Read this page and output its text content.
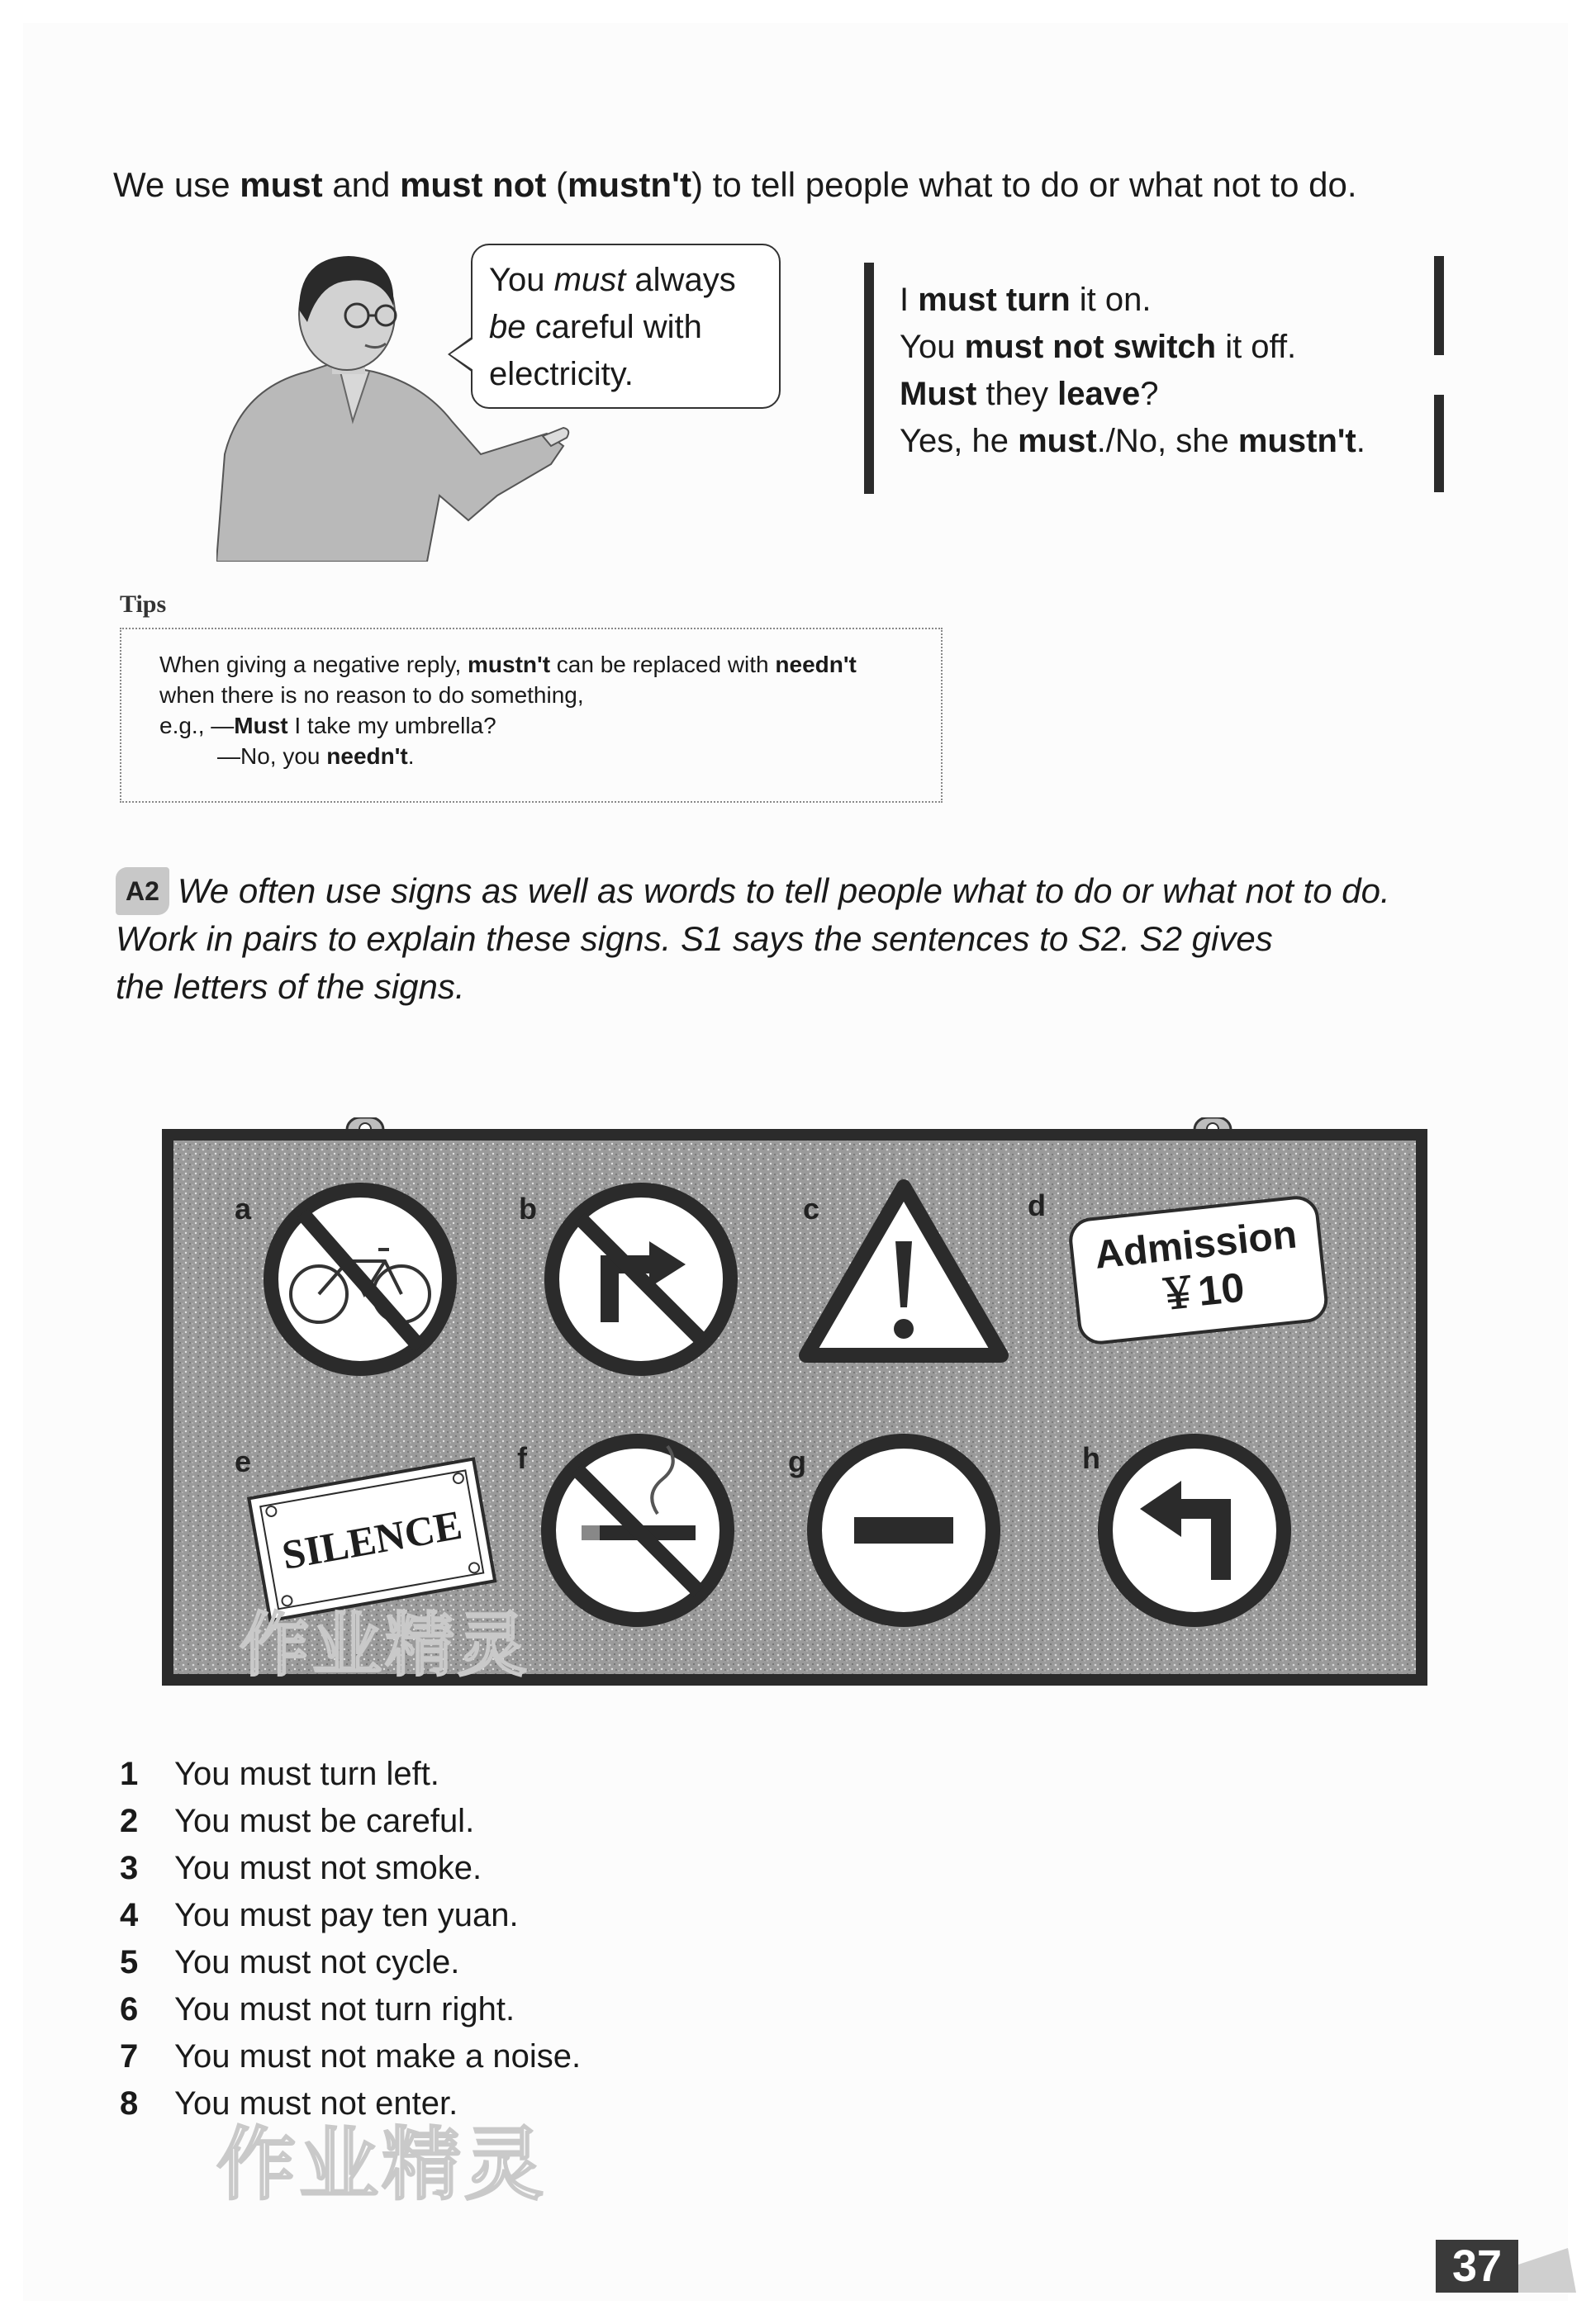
We use must and must not (mustn't) to tell people what to do or what not to do.
You must always
be careful with
electricity.
I must turn it on.
You must not switch it off.
Must they leave?
Yes, he must./No, she mustn't.
Tips
When giving a negative reply, mustn't can be replaced with needn't
when there is no reason to do something,
e.g., —Must I take my umbrella?
—No, you needn't.
A2 We often use signs as well as words to tell people what to do or what not to do.
Work in pairs to explain these signs. S1 says the sentences to S2. S2 gives
the letters of the signs.
Admission
￥10
SILENCE
a	b	c	d
e	f	g	h
作业精灵
1 You must turn left.
2 You must be careful.
3 You must not smoke.
4 You must pay ten yuan.
5 You must not cycle.
6 You must not turn right.
7 You must not make a noise.
8 You must not enter.
作业精灵
37
